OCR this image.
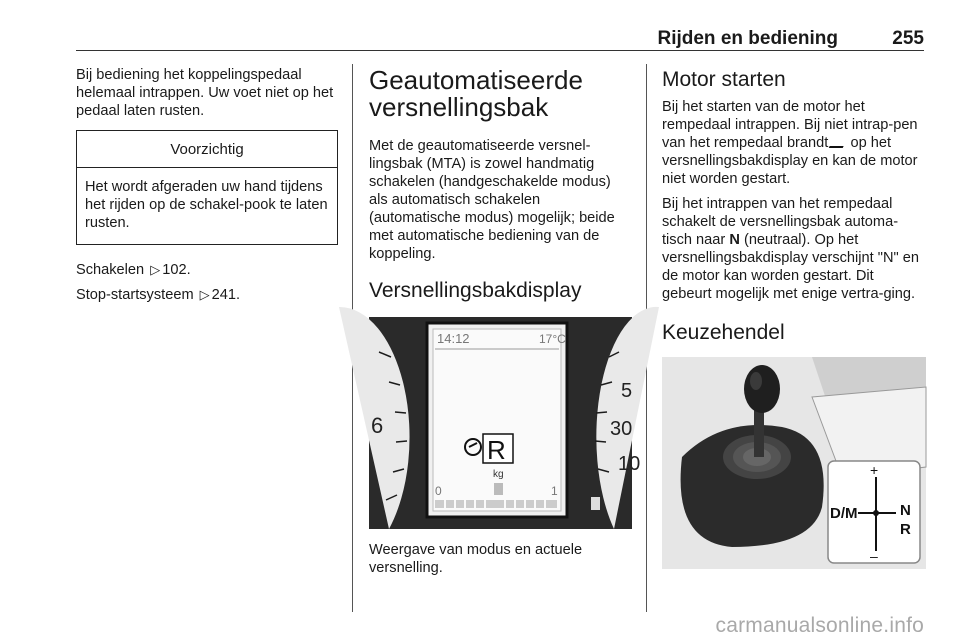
Rijden en bediening	255

Bij bediening het koppelingspedaal helemaal intrappen. Uw voet niet op het pedaal laten rusten.

Voorzichtig

Het wordt afgeraden uw hand tijdens het rijden op de schakel-pook te laten rusten.

Schakelen ▷ 102.

Stop-startsysteem ▷ 241.

Geautomatiseerde versnellingsbak

Met de geautomatiseerde versnel-lingsbak (MTA) is zowel handmatig schakelen (handgeschakelde modus) als automatisch schakelen (automatische modus) mogelijk; beide met automatische bediening van de koppeling.

Versnellingsbakdisplay
6
5
30
10
14:12	17°C
R
kg
0	1

Weergave van modus en actuele versnelling.

Motor starten

Bij het starten van de motor het rempedaal intrappen. Bij niet intrap-pen van het rempedaal brandt op het versnellingsbakdisplay en kan de motor niet worden gestart.

Bij het intrappen van het rempedaal schakelt de versnellingsbak automa-tisch naar N (neutraal). Op het versnellingsbakdisplay verschijnt "N" en de motor kan worden gestart. Dit gebeurt mogelijk met enige vertra-ging.

Keuzehendel
+
–
D/M	N
R
carmanualsonline.info
